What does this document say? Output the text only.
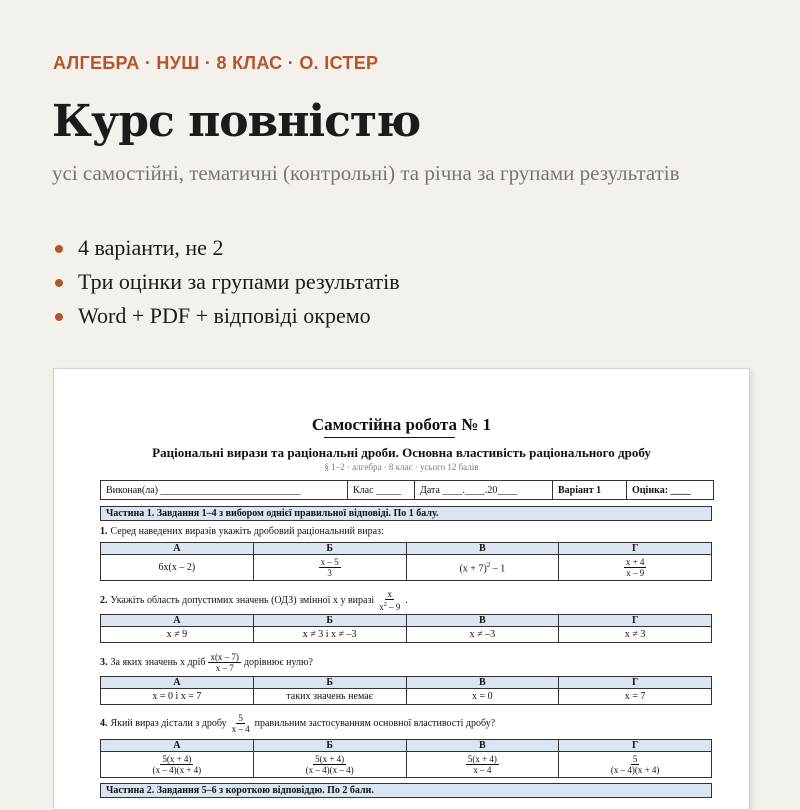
АЛГЕБРА · НУШ · 8 КЛАС · О. ІСТЕР
Курс повністю

усі самостійні, тематичні (контрольні) та річна за групами результатів

4 варіанти, не 2
Три оцінки за групами результатів
Word + PDF + відповіді окремо
Самостійна робота № 1
Раціональні вирази та раціональні дроби. Основна властивість раціонального дробу
§ 1–2 · алгебра · 8 клас · усього 12 балів
Виконав(ла) ____________________________	Клас _____	Дата ____.____.20____	Варіант 1	Оцінка: ____
Частина 1. Завдання 1–4 з вибором однієї правильної відповіді. По 1 балу.
1. Серед наведених виразів укажіть дробовий раціональний вираз:
А	Б	В	Г
6x(x – 2)	$\frac{x - 5}{3}$	$(x + 7)^2 - 1$	$\frac{x + 4}{x - 9}$
2. Укажіть область допустимих значень (ОДЗ) змінної x у виразі $\frac{x}{x^2 - 9}$ .
А	Б	В	Г
x ≠ 9	x ≠ 3 і x ≠ –3	x ≠ –3	x ≠ 3
3. За яких значень x дріб $\frac{x(x - 7)}{x - 7}$ дорівнює нулю?
А	Б	В	Г
x = 0 і x = 7	таких значень немає	x = 0	x = 7
4. Який вираз дістали з дробу $\frac{5}{x - 4}$ правильним застосуванням основної властивості дробу?
А	Б	В	Г

$\frac{5(x + 4)}{(x - 4)(x + 4)}$	$\frac{5(x + 4)}{(x - 4)(x - 4)}$	$\frac{5(x + 4)}{x - 4}$	$\frac{5}{(x - 4)(x + 4)}$
Частина 2. Завдання 5–6 з короткою відповіддю. По 2 бали.
